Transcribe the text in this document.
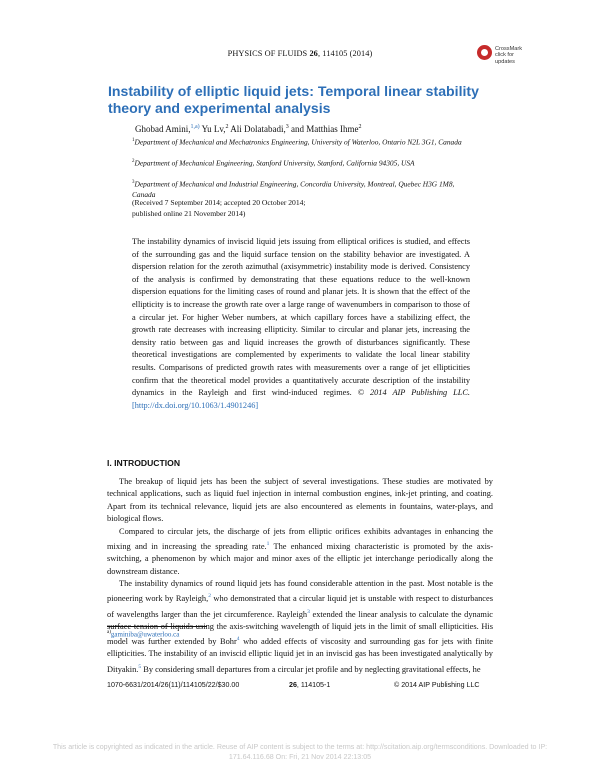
PHYSICS OF FLUIDS 26, 114105 (2014)	CrossMark
click for updates
Instability of elliptic liquid jets: Temporal linear stability theory and experimental analysis
Ghobad Amini,$^{1,a)}$ Yu Lv,$^2$ Ali Dolatabadi,$^3$ and Matthias Ihme$^2$
$^1$Department of Mechanical and Mechatronics Engineering, University of Waterloo, Ontario N2L 3G1, Canada
$^2$Department of Mechanical Engineering, Stanford University, Stanford, California 94305, USA
$^3$Department of Mechanical and Industrial Engineering, Concordia University, Montreal, Quebec H3G 1M8, Canada
(Received 7 September 2014; accepted 20 October 2014;
published online 21 November 2014)
The instability dynamics of inviscid liquid jets issuing from elliptical orifices is studied, and effects of the surrounding gas and the liquid surface tension on the stability behavior are investigated. A dispersion relation for the zeroth azimuthal (axisymmetric) instability mode is derived. Consistency of the analysis is confirmed by demonstrating that these equations reduce to the well-known dispersion equations for the limiting cases of round and planar jets. It is shown that the effect of the ellipticity is to increase the growth rate over a large range of wavenumbers in comparison to those of a circular jet. For higher Weber numbers, at which capillary forces have a stabilizing effect, the growth rate decreases with increasing ellipticity. Similar to circular and planar jets, increasing the density ratio between gas and liquid increases the growth of disturbances significantly. These theoretical investigations are complemented by experiments to validate the local linear stability results. Comparisons of predicted growth rates with measurements over a range of jet ellipticities confirm that the theoretical model provides a quantitatively accurate description of the instability dynamics in the Rayleigh and first wind-induced regimes. © 2014 AIP Publishing LLC. [http://dx.doi.org/10.1063/1.4901246]
I. INTRODUCTION

The breakup of liquid jets has been the subject of several investigations. These studies are motivated by technical applications, such as liquid fuel injection in internal combustion engines, ink-jet printing, and coating. Apart from its technical relevance, liquid jets are also encountered as elements in fountains, water-plays, and biological flows.

Compared to circular jets, the discharge of jets from elliptic orifices exhibits advantages in enhancing the mixing and in increasing the spreading rate.$^1$ The enhanced mixing characteristic is promoted by the axis-switching, a phenomenon by which major and minor axes of the elliptic jet interchange periodically along the downstream distance.

The instability dynamics of round liquid jets has found considerable attention in the past. Most notable is the pioneering work by Rayleigh,$^2$ who demonstrated that a circular liquid jet is unstable with respect to disturbances of wavelengths larger than the jet circumference. Rayleigh$^3$ extended the linear analysis to calculate the dynamic surface tension of liquids using the axis-switching wavelength of liquid jets in the limit of small ellipticities. His model was further extended by Bohr$^4$ who added effects of viscosity and surrounding gas for jets with finite ellipticities. The instability of an inviscid elliptic liquid jet in an inviscid gas has been investigated analytically by Dityakin.$^5$ By considering small departures from a circular jet profile and by neglecting gravitational effects, he

$^{a)}$gaminiba@uwaterloo.ca
1070-6631/2014/26(11)/114105/22/$30.00	26, 114105-1	© 2014 AIP Publishing LLC
This article is copyrighted as indicated in the article. Reuse of AIP content is subject to the terms at: http://scitation.aip.org/termsconditions. Downloaded to IP:
171.64.116.68 On: Fri, 21 Nov 2014 22:13:05
